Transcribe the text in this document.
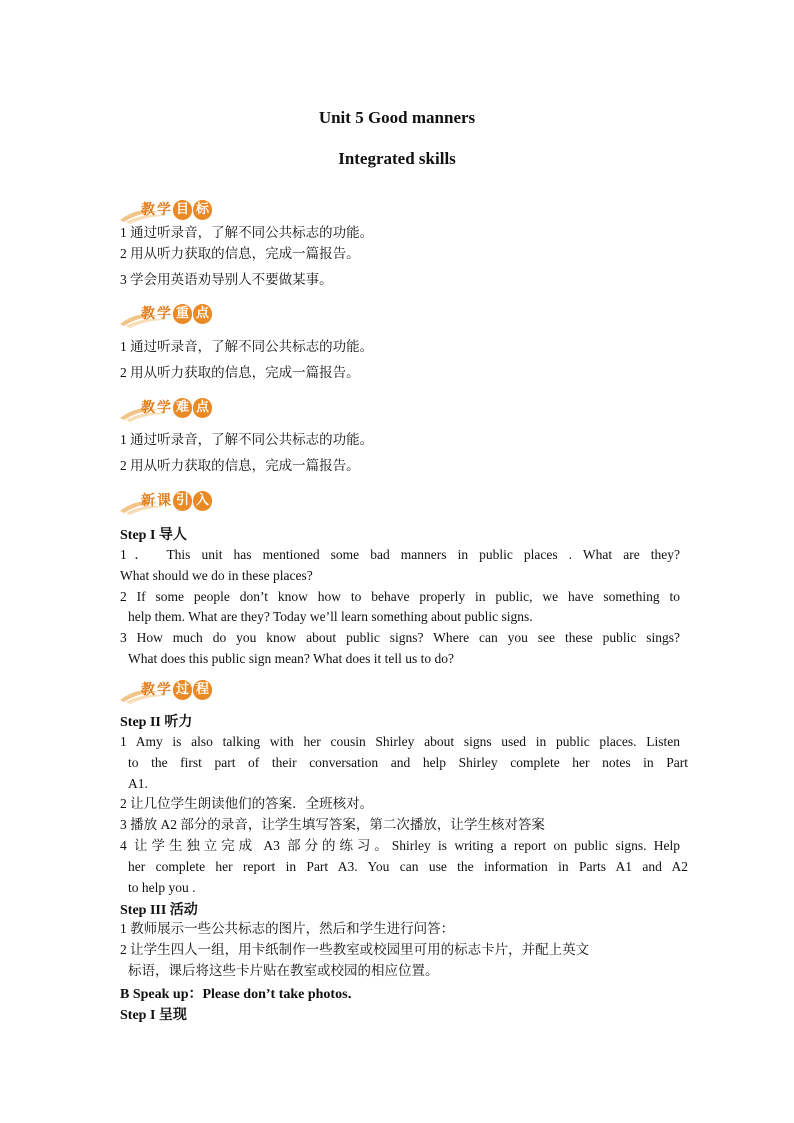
Unit 5 Good manners
Integrated skills
教 学 目 标
1 通过听录音，了解不同公共标志的功能。
2 用从听力获取的信息，完成一篇报告。
3 学会用英语劝导别人不要做某事。
教 学 重 点
1 通过听录音，了解不同公共标志的功能。
2 用从听力获取的信息，完成一篇报告。
教 学 难 点
1 通过听录音，了解不同公共标志的功能。
2 用从听力获取的信息，完成一篇报告。
新 课 引 入
Step I 导人
1． This unit has mentioned some bad manners in public places . What are they?
What should we do in these places?
2 If some people don’t know how to behave properly in public, we have something to
help them. What are they? Today we’ll learn something about public signs.
3 How much do you know about public signs? Where can you see these public sings?
What does this public sign mean? What does it tell us to do?
教 学 过 程
Step II 听力
1 Amy is also talking with her cousin Shirley about signs used in public places. Listen
to the first part of their conversation and help Shirley complete her notes in Part
A1.
2 让几位学生朗读他们的答案．全班核对。
3 播放 A2 部分的录音，让学生填写答案，第二次播放，让学生核对答案
4 让学生独立完成 A3 部分的练习。Shirley is writing a report on public signs. Help
her complete her report in Part A3. You can use the information in Parts A1 and A2
to help you .
Step III 活动
1 教师展示一些公共标志的图片，然后和学生进行问答：
2 让学生四人一组，用卡纸制作一些教室或校园里可用的标志卡片，并配上英文
标语，课后将这些卡片贴在教室或校园的相应位置。
B Speak up：Please don’t take photos．
Step I 呈现
